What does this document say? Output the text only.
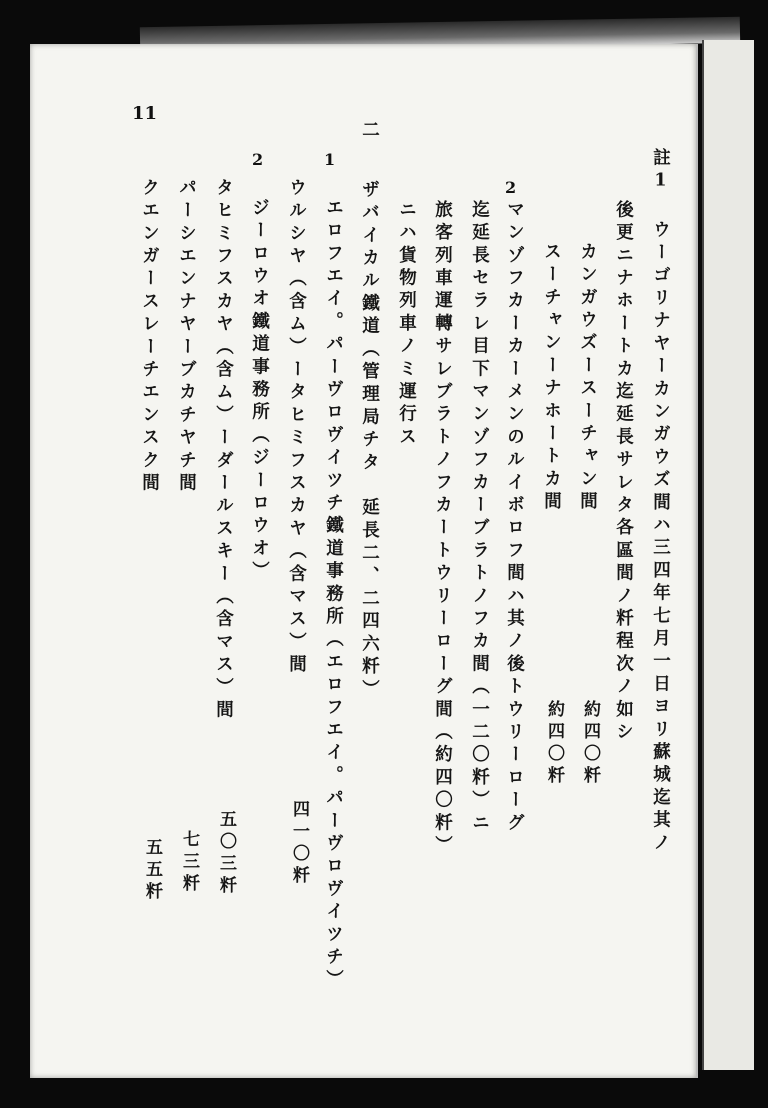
11
註1
ウーゴリナヤーカンガウズ間ハ三四年七月一日ヨリ蘇城迄其ノ
後更ニナホートカ迄延長サレタ各區間ノ粁程次ノ如シ
カンガウズースーチャン間
約四〇粁
スーチャンーナホートカ間
約四〇粁
2
マンゾフカーカーメンのルイボロフ間ハ其ノ後トウリーローグ
迄延長セラレ目下マンゾフカーブラトノフカ間（一二〇粁）ニ
旅客列車運轉サレブラトノフカートウリーローグ間（約四〇粁）
ニハ貨物列車ノミ運行ス
二
ザバイカル鐵道（管理局チタ　延長二、二四六粁）
1
エロフエイ。パーヴロヴイツチ鐵道事務所（エロフエイ。パーヴロヴイツチ）
ウルシヤ（含ム）ータヒミフスカヤ（含マス）間
四一〇粁
2
ジーロウオ鐵道事務所（ジーロウオ）
タヒミフスカヤ（含ム）ーダールスキー（含マス）間
五〇三粁
パーシエンナヤーブカチヤチ間
七三粁
クエンガースレーチエンスク間
五五粁
